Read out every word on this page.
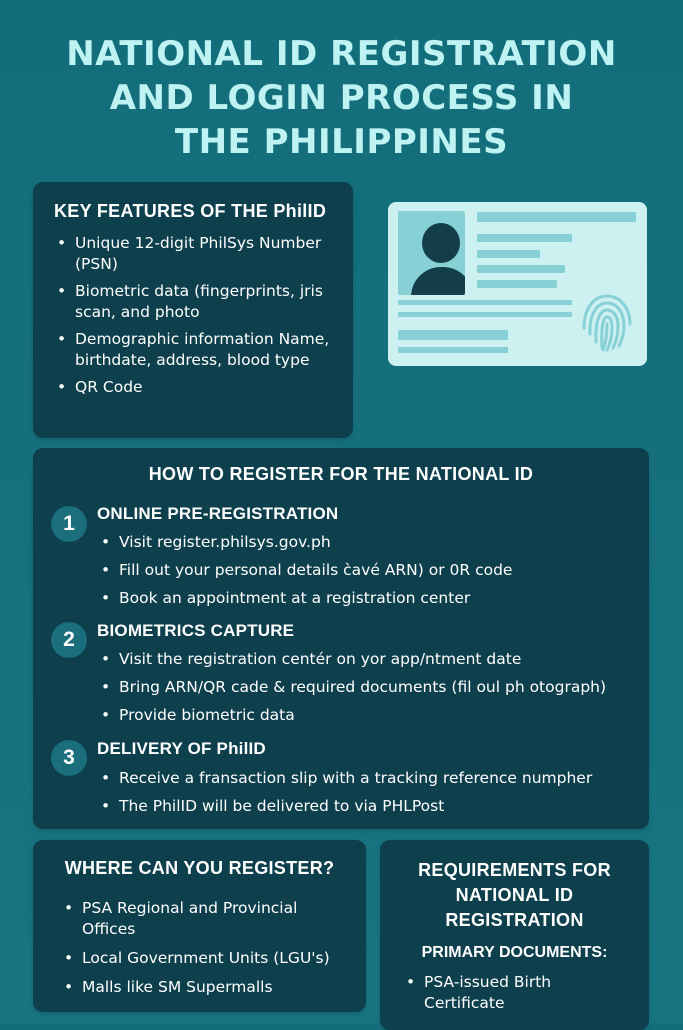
NATIONAL ID REGISTRATION
AND LOGIN PROCESS IN
THE PHILIPPINES
KEY FEATURES OF THE PhilID
• Unique 12-digit PhilSys Number (PSN)
• Biometric data (fingerprints, jris scan, and photo
• Demographic information Name, birthdate, address, blood type
• QR Code
HOW TO REGISTER FOR THE NATIONAL ID
1	ONLINE PRE-REGISTRATION
• Visit register.philsys.gov.ph
• Fill out your personal details c̀avé ARN) or 0R code
• Book an appointment at a registration center
2	BIOMETRICS CAPTURE
• Visit the registration centér on yor app/ntment date
• Bring ARN/QR cade & required documents (fil oul ph otograph)
• Provide biometric data
3	DELIVERY OF PhilID
• Receive a fransaction slip with a tracking reference numpher
• The PhilID will be delivered to via PHLPost
WHERE CAN YOU REGISTER?
• PSA Regional and Provincial Offices
• Local Government Units (LGU's)
• Malls like SM Supermalls
REQUIREMENTS FOR
NATIONAL ID
REGISTRATION
PRIMARY DOCUMENTS:
• PSA-issued Birth Certificate
